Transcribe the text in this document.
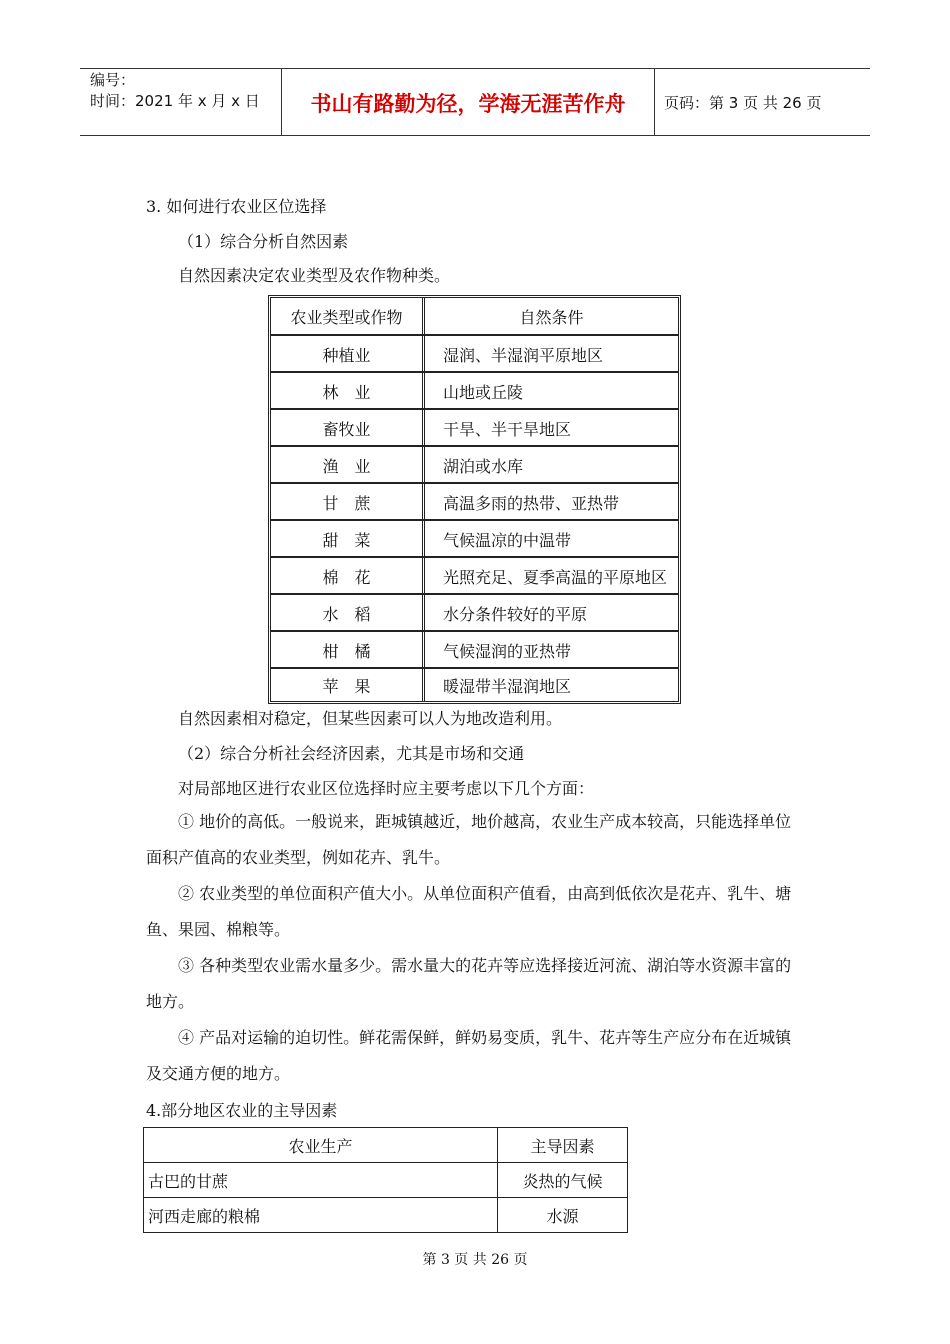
编号：
时间：2021 年 x 月 x 日	书山有路勤为径，学海无涯苦作舟	页码：第 3 页 共 26 页
3. 如何进行农业区位选择
（1）综合分析自然因素
自然因素决定农业类型及农作物种类。
农业类型或作物	自然条件
种植业	湿润、半湿润平原地区
林　业	山地或丘陵
畜牧业	干旱、半干旱地区
渔　业	湖泊或水库
甘　蔗	高温多雨的热带、亚热带
甜　菜	气候温凉的中温带
棉　花	光照充足、夏季高温的平原地区
水　稻	水分条件较好的平原
柑　橘	气候湿润的亚热带
苹　果	暖湿带半湿润地区
自然因素相对稳定，但某些因素可以人为地改造利用。
（2）综合分析社会经济因素，尤其是市场和交通
对局部地区进行农业区位选择时应主要考虑以下几个方面：
① 地价的高低。一般说来，距城镇越近，地价越高，农业生产成本较高，只能选择单位面积产值高的农业类型，例如花卉、乳牛。
② 农业类型的单位面积产值大小。从单位面积产值看，由高到低依次是花卉、乳牛、塘鱼、果园、棉粮等。
③ 各种类型农业需水量多少。需水量大的花卉等应选择接近河流、湖泊等水资源丰富的地方。
④ 产品对运输的迫切性。鲜花需保鲜，鲜奶易变质，乳牛、花卉等生产应分布在近城镇及交通方便的地方。
4.部分地区农业的主导因素
农业生产	主导因素
古巴的甘蔗	炎热的气候
河西走廊的粮棉	水源
第 3 页 共 26 页
